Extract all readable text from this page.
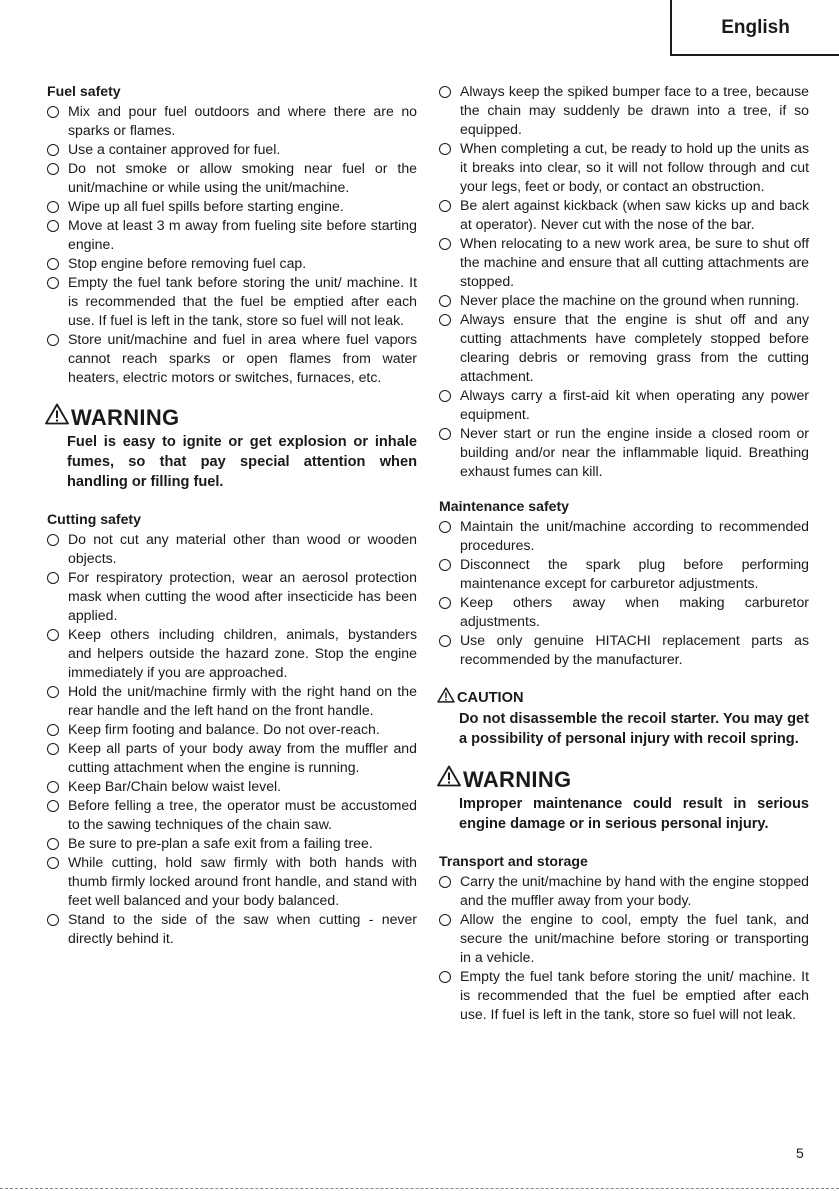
English
Fuel safety
Mix and pour fuel outdoors and where there are no sparks or flames.
Use a container approved for fuel.
Do not smoke or allow smoking near fuel or the unit/machine or while using the unit/machine.
Wipe up all fuel spills before starting engine.
Move at least 3 m away from fueling site before starting engine.
Stop engine before removing fuel cap.
Empty the fuel tank before storing the unit/ machine. It is recommended that the fuel be emptied after each use. If fuel is left in the tank, store so fuel will not leak.
Store unit/machine and fuel in area where fuel vapors cannot reach sparks or open flames from water heaters, electric motors or switches, furnaces, etc.
WARNING
Fuel is easy to ignite or get explosion or inhale fumes, so that pay special attention when handling or filling fuel.
Cutting safety
Do not cut any material other than wood or wooden objects.
For respiratory protection, wear an aerosol protection mask when cutting the wood after insecticide has been applied.
Keep others including children, animals, bystanders and helpers outside the hazard zone. Stop the engine immediately if you are approached.
Hold the unit/machine firmly with the right hand on the rear handle and the left hand on the front handle.
Keep firm footing and balance. Do not over-reach.
Keep all parts of your body away from the muffler and cutting attachment when the engine is running.
Keep Bar/Chain below waist level.
Before felling a tree, the operator must be accustomed to the sawing techniques of the chain saw.
Be sure to pre-plan a safe exit from a failing tree.
While cutting, hold saw firmly with both hands with thumb firmly locked around front handle, and stand with feet well balanced and your body balanced.
Stand to the side of the saw when cutting - never directly behind it.
Always keep the spiked bumper face to a tree, because the chain may suddenly be drawn into a tree, if so equipped.
When completing a cut, be ready to hold up the units as it breaks into clear, so it will not follow through and cut your legs, feet or body, or contact an obstruction.
Be alert against kickback (when saw kicks up and back at operator). Never cut with the nose of the bar.
When relocating to a new work area, be sure to shut off the machine and ensure that all cutting attachments are stopped.
Never place the machine on the ground when running.
Always ensure that the engine is shut off and any cutting attachments have completely stopped before clearing debris or removing grass from the cutting attachment.
Always carry a first-aid kit when operating any power equipment.
Never start or run the engine inside a closed room or building and/or near the inflammable liquid. Breathing exhaust fumes can kill.
Maintenance safety
Maintain the unit/machine according to recommended procedures.
Disconnect the spark plug before performing maintenance except for carburetor adjustments.
Keep others away when making carburetor adjustments.
Use only genuine HITACHI replacement parts as recommended by the manufacturer.
CAUTION
Do not disassemble the recoil starter. You may get a possibility of personal injury with recoil spring.
WARNING
Improper maintenance could result in serious engine damage or in serious personal injury.
Transport and storage
Carry the unit/machine by hand with the engine stopped and the muffler away from your body.
Allow the engine to cool, empty the fuel tank, and secure the unit/machine before storing or transporting in a vehicle.
Empty the fuel tank before storing the unit/ machine. It is recommended that the fuel be emptied after each use. If fuel is left in the tank, store so fuel will not leak.
5
